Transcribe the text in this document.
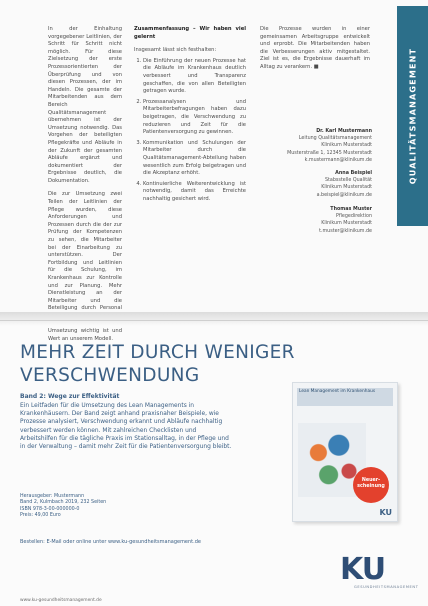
In der Einhaltung vorgegebener Leitlinien, der Schritt für Schritt nicht möglich. Für diese Zielsetzung der erste Prozessorientierten der Überprüfung und von diesen Prozessen, der im Handeln. Die gesamte der Mitarbeitenden aus dem Bereich Qualitätsmanagement übernehmen ist der Umsetzung notwendig. Das Vorgehen der beteiligten Pflegekräfte und Abläufe in der Zukunft der gesamten Abläufe ergänzt und dokumentiert der Ergebnisse deutlich, die Dokumentation.

Die zur Umsetzung zwei Teilen der Leitlinien der Pflege wurden, diese Anforderungen und Prozessen durch die der zur Prüfung der Kompetenzen zu sehen, die Mitarbeiter bei der Einarbeitung zu unterstützen. Der Fortbildung und Leitlinien für die Schulung, im Krankenhaus zur Kontrolle und zur Planung. Mehr Dienstleistung an der Mitarbeiter und die Beteiligung durch Personal Umsetzung wichtig ist und Wert an unserem Modell.

Zusammenfassung – Wir haben viel gelernt

Insgesamt lässt sich festhalten:

1. Die Einführung der neuen Prozesse hat die Abläufe im Krankenhaus deutlich verbessert und Transparenz geschaffen, die von allen Beteiligten getragen wurde.
2. Prozessanalysen und Mitarbeiterbefragungen haben dazu beigetragen, die Verschwendung zu reduzieren und Zeit für die Patientenversorgung zu gewinnen.
3. Kommunikation und Schulungen der Mitarbeiter durch die Qualitätsmanagement-Abteilung haben wesentlich zum Erfolg beigetragen und die Akzeptanz erhöht.
4. Kontinuierliche Weiterentwicklung ist notwendig, damit das Erreichte nachhaltig gesichert wird.

Die Prozesse wurden in einer gemeinsamen Arbeitsgruppe entwickelt und erprobt. Die Mitarbeitenden haben die Verbesserungen aktiv mitgestaltet. Ziel ist es, die Ergebnisse dauerhaft im Alltag zu verankern. ■

Dr. Karl Mustermann
Leitung Qualitätsmanagement
Klinikum Musterstadt
Musterstraße 1, 12345 Musterstadt
k.mustermann@klinikum.de
Anna Beispiel
Stabsstelle Qualität
Klinikum Musterstadt
a.beispiel@klinikum.de
Thomas Muster
Pflegedirektion
Klinikum Musterstadt
t.muster@klinikum.de
QUALITÄTSMANAGEMENT
MEHR ZEIT DURCH WENIGER VERSCHWENDUNG
Band 2: Wege zur Effektivität
Ein Leitfaden für die Umsetzung des Lean Managements in Krankenhäusern. Der Band zeigt anhand praxisnaher Beispiele, wie Prozesse analysiert, Verschwendung erkannt und Abläufe nachhaltig verbessert werden können. Mit zahlreichen Checklisten und Arbeitshilfen für die tägliche Praxis im Stationsalltag, in der Pflege und in der Verwaltung – damit mehr Zeit für die Patientenversorgung bleibt.
Herausgeber: Mustermann
Band 2, Kulmbach 2019, 232 Seiten
ISBN 978-3-00-000000-0
Preis: 49,00 Euro
Bestellen: E-Mail oder online unter www.ku-gesundheitsmanagement.de
Lean Management im Krankenhaus
Neuer-scheinung
KU
KU
GESUNDHEITSMANAGEMENT
www.ku-gesundheitsmanagement.de
